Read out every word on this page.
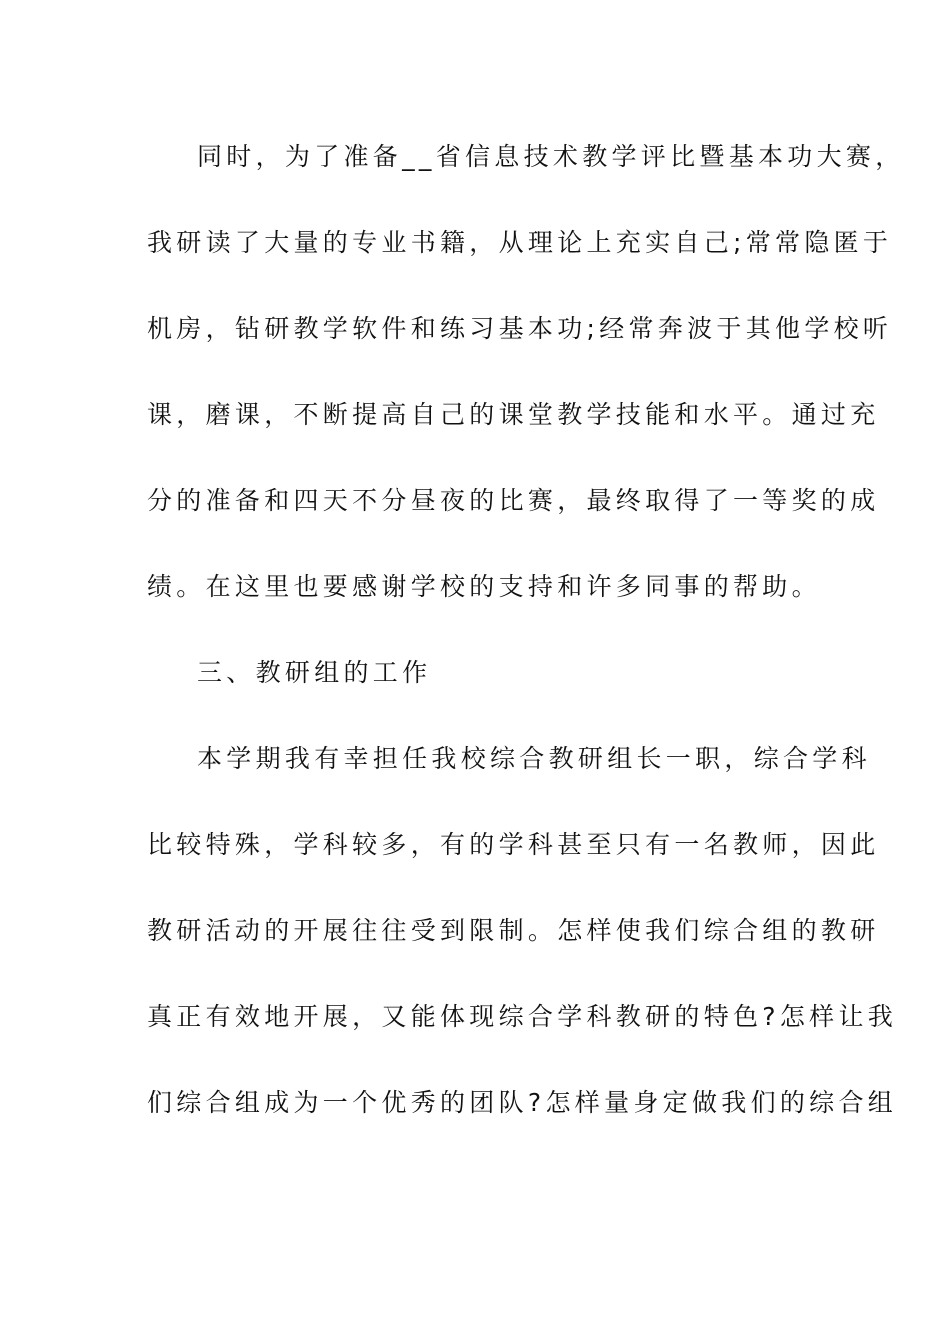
同时，为了准备__省信息技术教学评比暨基本功大赛，
我研读了大量的专业书籍，从理论上充实自己;常常隐匿于
机房，钻研教学软件和练习基本功;经常奔波于其他学校听
课，磨课，不断提高自己的课堂教学技能和水平。通过充
分的准备和四天不分昼夜的比赛，最终取得了一等奖的成
绩。在这里也要感谢学校的支持和许多同事的帮助。
三、教研组的工作
本学期我有幸担任我校综合教研组长一职，综合学科
比较特殊，学科较多，有的学科甚至只有一名教师，因此
教研活动的开展往往受到限制。怎样使我们综合组的教研
真正有效地开展，又能体现综合学科教研的特色?怎样让我
们综合组成为一个优秀的团队?怎样量身定做我们的综合组
